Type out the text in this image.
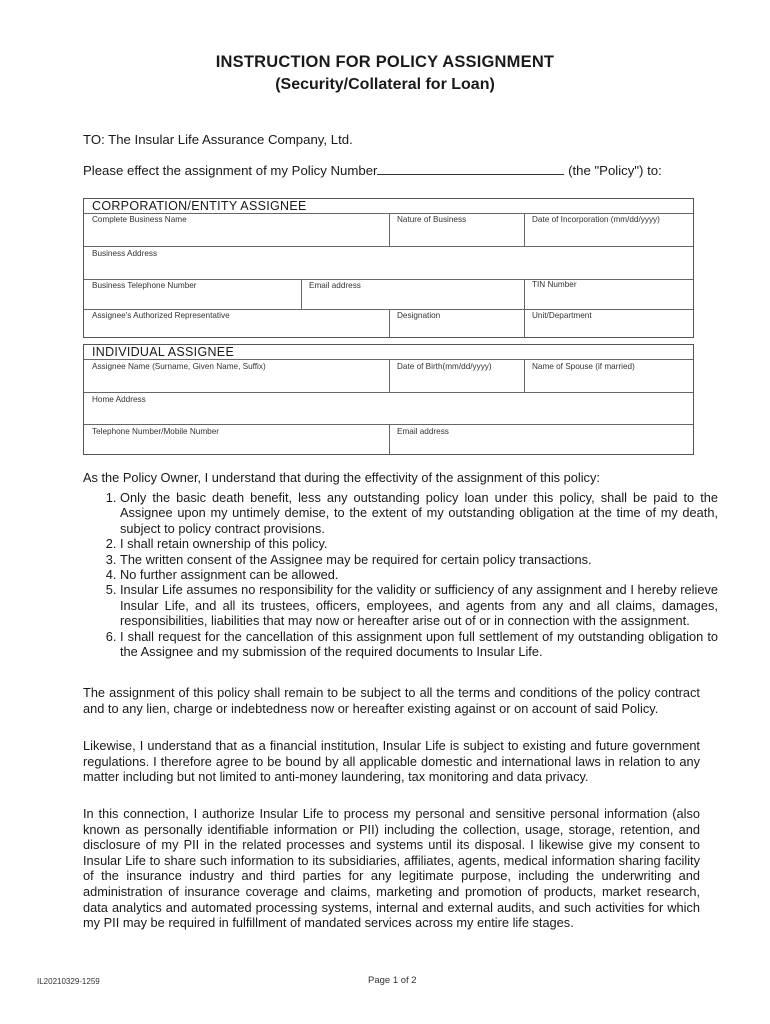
INSTRUCTION FOR POLICY ASSIGNMENT
(Security/Collateral for Loan)
TO: The Insular Life Assurance Company, Ltd.
Please effect the assignment of my Policy Number	(the "Policy") to:
CORPORATION/ENTITY ASSIGNEE
Complete Business Name	Nature of Business	Date of Incorporation (mm/dd/yyyy)
Business Address
Business Telephone Number	Email address	TIN Number
Assignee's Authorized Representative	Designation	Unit/Department
INDIVIDUAL ASSIGNEE
Assignee Name (Surname, Given Name, Suffix)	Date of Birth(mm/dd/yyyy)	Name of Spouse (if married)
Home Address
Telephone Number/Mobile Number	Email address
As the Policy Owner, I understand that during the effectivity of the assignment of this policy:
1. Only the basic death benefit, less any outstanding policy loan under this policy, shall be paid to the Assignee upon my untimely demise, to the extent of my outstanding obligation at the time of my death, subject to policy contract provisions.
2. I shall retain ownership of this policy.
3. The written consent of the Assignee may be required for certain policy transactions.
4. No further assignment can be allowed.
5. Insular Life assumes no responsibility for the validity or sufficiency of any assignment and I hereby relieve Insular Life, and all its trustees, officers, employees, and agents from any and all claims, damages, responsibilities, liabilities that may now or hereafter arise out of or in connection with the assignment.
6. I shall request for the cancellation of this assignment upon full settlement of my outstanding obligation to the Assignee and my submission of the required documents to Insular Life.
The assignment of this policy shall remain to be subject to all the terms and conditions of the policy contract and to any lien, charge or indebtedness now or hereafter existing against or on account of said Policy.
Likewise, I understand that as a financial institution, Insular Life is subject to existing and future government regulations. I therefore agree to be bound by all applicable domestic and international laws in relation to any matter including but not limited to anti-money laundering, tax monitoring and data privacy.
In this connection, I authorize Insular Life to process my personal and sensitive personal information (also known as personally identifiable information or PII) including the collection, usage, storage, retention, and disclosure of my PII in the related processes and systems until its disposal. I likewise give my consent to Insular Life to share such information to its subsidiaries, affiliates, agents, medical information sharing facility of the insurance industry and third parties for any legitimate purpose, including the underwriting and administration of insurance coverage and claims, marketing and promotion of products, market research, data analytics and automated processing systems, internal and external audits, and such activities for which my PII may be required in fulfillment of mandated services across my entire life stages.
IL20210329-1259	Page 1 of 2
